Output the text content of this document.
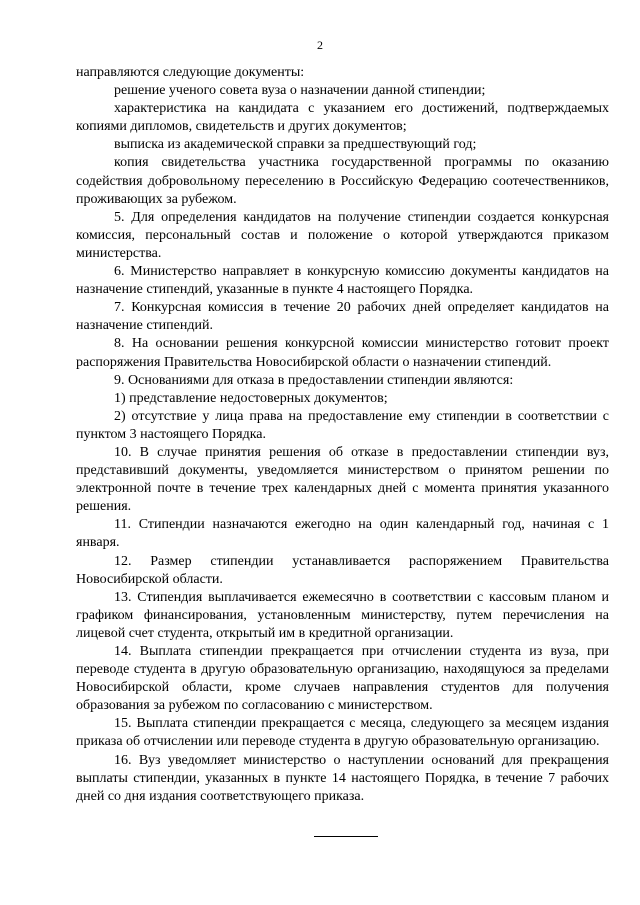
2

направляются следующие документы:

решение ученого совета вуза о назначении данной стипендии;

характеристика на кандидата с указанием его достижений, подтверждаемых копиями дипломов, свидетельств и других документов;

выписка из академической справки за предшествующий год;

копия свидетельства участника государственной программы по оказанию содействия добровольному переселению в Российскую Федерацию соотечественников, проживающих за рубежом.

5. Для определения кандидатов на получение стипендии создается конкурсная комиссия, персональный состав и положение о которой утверждаются приказом министерства.

6. Министерство направляет в конкурсную комиссию документы кандидатов на назначение стипендий, указанные в пункте 4 настоящего Порядка.

7. Конкурсная комиссия в течение 20 рабочих дней определяет кандидатов на назначение стипендий.

8. На основании решения конкурсной комиссии министерство готовит проект распоряжения Правительства Новосибирской области о назначении стипендий.

9. Основаниями для отказа в предоставлении стипендии являются:

1) представление недостоверных документов;

2) отсутствие у лица права на предоставление ему стипендии в соответствии с пунктом 3 настоящего Порядка.

10. В случае принятия решения об отказе в предоставлении стипендии вуз, представивший документы, уведомляется министерством о принятом решении по электронной почте в течение трех календарных дней с момента принятия указанного решения.

11. Стипендии назначаются ежегодно на один календарный год, начиная с 1 января.

12. Размер стипендии устанавливается распоряжением Правительства Новосибирской области.

13. Стипендия выплачивается ежемесячно в соответствии с кассовым планом и графиком финансирования, установленным министерству, путем перечисления на лицевой счет студента, открытый им в кредитной организации.

14. Выплата стипендии прекращается при отчислении студента из вуза, при переводе студента в другую образовательную организацию, находящуюся за пределами Новосибирской области, кроме случаев направления студентов для получения образования за рубежом по согласованию с министерством.

15. Выплата стипендии прекращается с месяца, следующего за месяцем издания приказа об отчислении или переводе студента в другую образовательную организацию.

16. Вуз уведомляет министерство о наступлении оснований для прекращения выплаты стипендии, указанных в пункте 14 настоящего Порядка, в течение 7 рабочих дней со дня издания соответствующего приказа.
